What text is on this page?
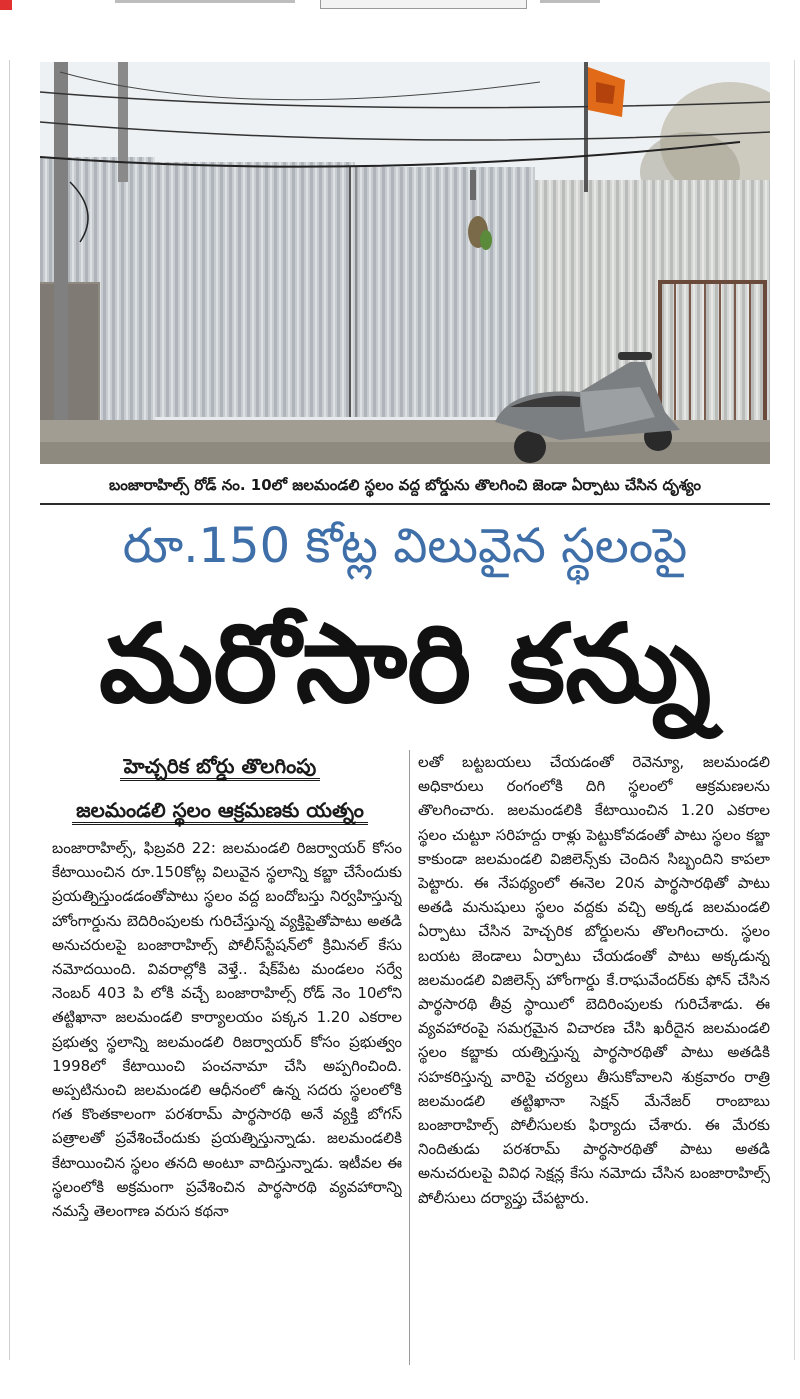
బంజారాహిల్స్ రోడ్ నం. 10లో జలమండలి స్థలం వద్ద బోర్డును తొలగించి జెండా ఏర్పాటు చేసిన దృశ్యం
రూ.150 కోట్ల విలువైన స్థలంపై
మరోసారి కన్ను
హెచ్చరిక బోర్డు తొలగింపు
జలమండలి స్థలం ఆక్రమణకు యత్నం
బంజారాహిల్స్, ఫిబ్రవరి 22: జలమండలి రిజర్వాయర్ కోసం కేటాయించిన రూ.150కోట్ల విలువైన స్థలాన్ని కబ్జా చేసేందుకు ప్రయత్నిస్తుండడంతోపాటు స్థలం వద్ద బందోబస్తు నిర్వహిస్తున్న హోంగార్డును బెదిరింపులకు గురిచేస్తున్న వ్యక్తిపైతోపాటు అతడి అనుచరులపై బంజారాహిల్స్ పోలీస్‌స్టేషన్‌లో క్రిమినల్ కేసు నమోదయింది. వివరాల్లోకి వెళ్తే.. షేక్‌పేట మండలం సర్వే నెంబర్ 403 పి లోకి వచ్చే బంజారాహిల్స్ రోడ్ నెం 10లోని తట్టిఖానా జలమండలి కార్యాలయం పక్కన 1.20 ఎకరాల ప్రభుత్వ స్థలాన్ని జలమండలి రిజర్వాయర్ కోసం ప్రభుత్వం 1998లో కేటాయించి పంచనామా చేసి అప్పగించింది. అప్పటినుంచి జలమండలి ఆధీనంలో ఉన్న సదరు స్థలంలోకి గత కొంతకాలంగా పరశరామ్ పార్థసారథి అనే వ్యక్తి బోగస్ పత్రాలతో ప్రవేశించేందుకు ప్రయత్నిస్తున్నాడు. జలమండలికి కేటాయించిన స్థలం తనది అంటూ వాదిస్తున్నాడు. ఇటీవల ఈ స్థలంలోకి అక్రమంగా ప్రవేశించిన పార్థసారథి వ్యవహారాన్ని నమస్తే తెలంగాణ వరుస కథనా
లతో బట్టబయలు చేయడంతో రెవెన్యూ, జలమండలి అధికారులు రంగంలోకి దిగి స్థలంలో ఆక్రమణలను తొలగించారు. జలమండలికి కేటాయించిన 1.20 ఎకరాల స్థలం చుట్టూ సరిహద్దు రాళ్లు పెట్టుకోవడంతో పాటు స్థలం కబ్జా కాకుండా జలమండలి విజిలెన్స్‌కు చెందిన సిబ్బందిని కాపలా పెట్టారు. ఈ నేపథ్యంలో ఈనెల 20న పార్థసారథితో పాటు అతడి మనుషులు స్థలం వద్దకు వచ్చి అక్కడ జలమండలి ఏర్పాటు చేసిన హెచ్చరిక బోర్డులను తొలగించారు. స్థలం బయట జెండాలు ఏర్పాటు చేయడంతో పాటు అక్కడున్న జలమండలి విజిలెన్స్ హోంగార్డు కే.రాఘవేందర్‌కు ఫోన్ చేసిన పార్థసారథి తీవ్ర స్థాయిలో బెదిరింపులకు గురిచేశాడు. ఈ వ్యవహారంపై సమగ్రమైన విచారణ చేసి ఖరీదైన జలమండలి స్థలం కబ్జాకు యత్నిస్తున్న పార్థసారథితో పాటు అతడికి సహకరిస్తున్న వారిపై చర్యలు తీసుకోవాలని శుక్రవారం రాత్రి జలమండలి తట్టిఖానా సెక్షన్ మేనేజర్ రాంబాబు బంజారాహిల్స్ పోలీసులకు ఫిర్యాదు చేశారు. ఈ మేరకు నిందితుడు పరశరామ్ పార్థసారథితో పాటు అతడి అనుచరులపై వివిధ సెక్షన్ల కేసు నమోదు చేసిన బంజారాహిల్స్ పోలీసులు దర్యాప్తు చేపట్టారు.
